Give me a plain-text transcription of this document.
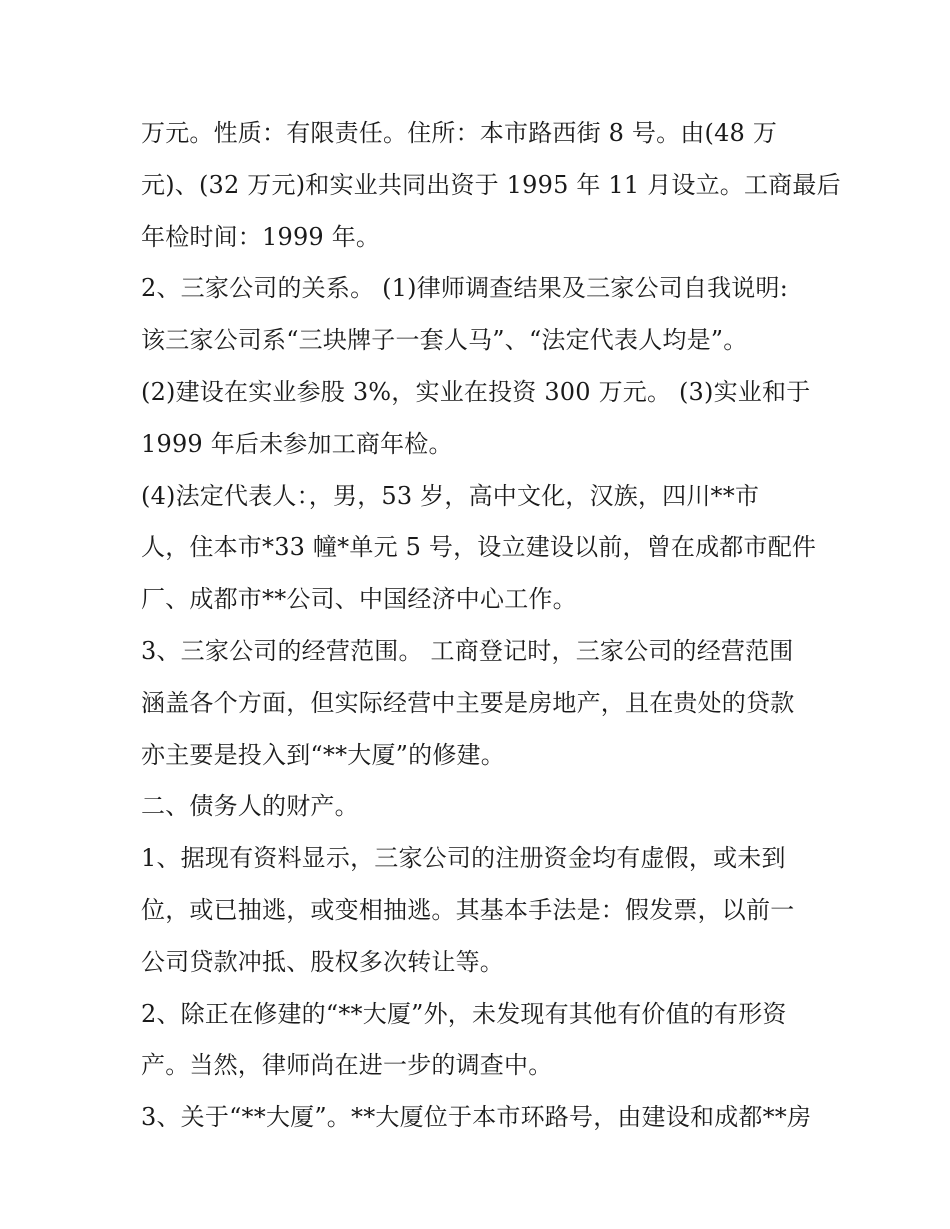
万元。性质：有限责任。住所：本市路西街 8 号。由(48 万
元)、(32 万元)和实业共同出资于 1995 年 11 月设立。工商最后
年检时间：1999 年。
2、三家公司的关系。 (1)律师调查结果及三家公司自我说明:
该三家公司系“三块牌子一套人马”、“法定代表人均是”。
(2)建设在实业参股 3%，实业在投资 300 万元。 (3)实业和于
1999 年后未参加工商年检。
(4)法定代表人：，男，53 岁，高中文化，汉族，四川**市
人，住本市*33 幢*单元 5 号，设立建设以前，曾在成都市配件
厂、成都市**公司、中国经济中心工作。
3、三家公司的经营范围。 工商登记时，三家公司的经营范围
涵盖各个方面，但实际经营中主要是房地产，且在贵处的贷款
亦主要是投入到“**大厦”的修建。
二、债务人的财产。
1、据现有资料显示，三家公司的注册资金均有虚假，或未到
位，或已抽逃，或变相抽逃。其基本手法是：假发票，以前一
公司贷款冲抵、股权多次转让等。
2、除正在修建的“**大厦”外，未发现有其他有价值的有形资
产。当然，律师尚在进一步的调查中。
3、关于“**大厦”。**大厦位于本市环路号，由建设和成都**房
